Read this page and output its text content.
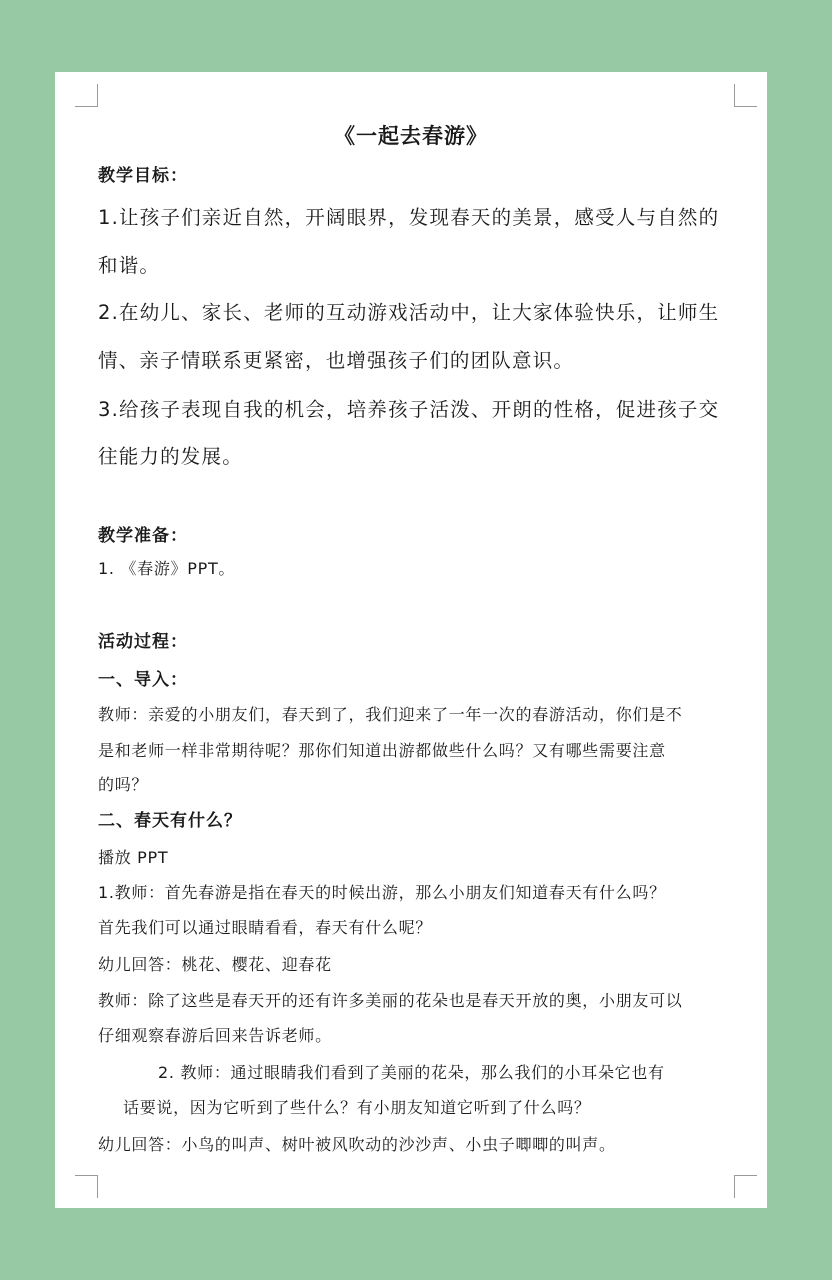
《一起去春游》

教学目标：

1.让孩子们亲近自然，开阔眼界，发现春天的美景，感受人与自然的

和谐。

2.在幼儿、家长、老师的互动游戏活动中，让大家体验快乐，让师生

情、亲子情联系更紧密，也增强孩子们的团队意识。

3.给孩子表现自我的机会，培养孩子活泼、开朗的性格，促进孩子交

往能力的发展。

教学准备：

1. 《春游》PPT。

活动过程：

一、导入：

教师：亲爱的小朋友们，春天到了，我们迎来了一年一次的春游活动，你们是不

是和老师一样非常期待呢？那你们知道出游都做些什么吗？又有哪些需要注意

的吗？

二、春天有什么？

播放 PPT

1.教师：首先春游是指在春天的时候出游，那么小朋友们知道春天有什么吗？

首先我们可以通过眼睛看看，春天有什么呢？

幼儿回答：桃花、樱花、迎春花

教师：除了这些是春天开的还有许多美丽的花朵也是春天开放的奥，小朋友可以

仔细观察春游后回来告诉老师。

2. 教师：通过眼睛我们看到了美丽的花朵，那么我们的小耳朵它也有

话要说，因为它听到了些什么？有小朋友知道它听到了什么吗？

幼儿回答：小鸟的叫声、树叶被风吹动的沙沙声、小虫子唧唧的叫声。
